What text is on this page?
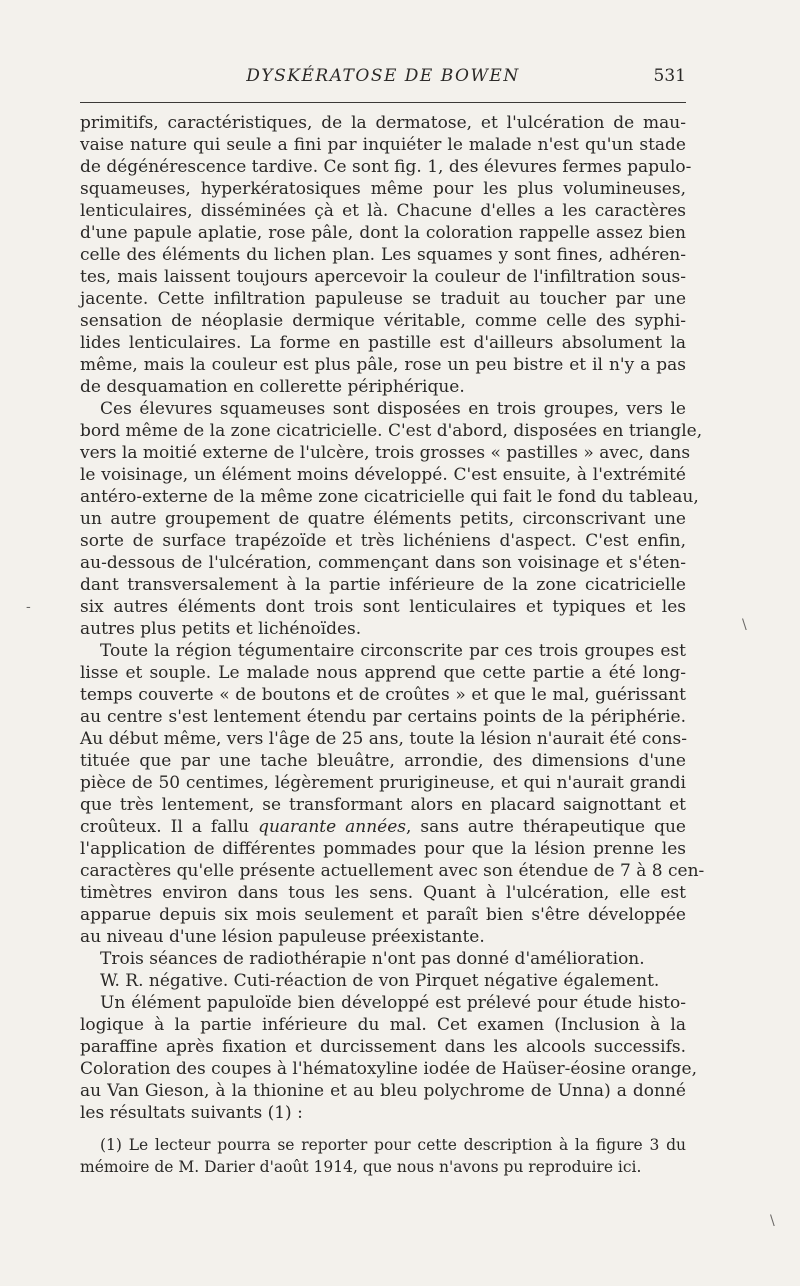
DYSKÉRATOSE DE BOWEN	531
primitifs, caractéristiques, de la dermatose, et l'ulcération de mau-
vaise nature qui seule a fini par inquiéter le malade n'est qu'un stade
de dégénérescence tardive. Ce sont fig. 1, des élevures fermes papulo-
squameuses, hyperkératosiques même pour les plus volumineuses,
lenticulaires, disséminées çà et là. Chacune d'elles a les caractères
d'une papule aplatie, rose pâle, dont la coloration rappelle assez bien
celle des éléments du lichen plan. Les squames y sont fines, adhéren-
tes, mais laissent toujours apercevoir la couleur de l'infiltration sous-
jacente. Cette infiltration papuleuse se traduit au toucher par une
sensation de néoplasie dermique véritable, comme celle des syphi-
lides lenticulaires. La forme en pastille est d'ailleurs absolument la
même, mais la couleur est plus pâle, rose un peu bistre et il n'y a pas
de desquamation en collerette périphérique.
Ces élevures squameuses sont disposées en trois groupes, vers le
bord même de la zone cicatricielle. C'est d'abord, disposées en triangle,
vers la moitié externe de l'ulcère, trois grosses « pastilles » avec, dans
le voisinage, un élément moins développé. C'est ensuite, à l'extrémité
antéro-externe de la même zone cicatricielle qui fait le fond du tableau,
un autre groupement de quatre éléments petits, circonscrivant une
sorte de surface trapézoïde et très lichéniens d'aspect. C'est enfin,
au-dessous de l'ulcération, commençant dans son voisinage et s'éten-
dant transversalement à la partie inférieure de la zone cicatricielle
six autres éléments dont trois sont lenticulaires et typiques et les
autres plus petits et lichénoïdes.
Toute la région tégumentaire circonscrite par ces trois groupes est
lisse et souple. Le malade nous apprend que cette partie a été long-
temps couverte « de boutons et de croûtes » et que le mal, guérissant
au centre s'est lentement étendu par certains points de la périphérie.
Au début même, vers l'âge de 25 ans, toute la lésion n'aurait été cons-
tituée que par une tache bleuâtre, arrondie, des dimensions d'une
pièce de 50 centimes, légèrement prurigineuse, et qui n'aurait grandi
que très lentement, se transformant alors en placard saignottant et
croûteux. Il a fallu quarante années, sans autre thérapeutique que
l'application de différentes pommades pour que la lésion prenne les
caractères qu'elle présente actuellement avec son étendue de 7 à 8 cen-
timètres environ dans tous les sens. Quant à l'ulcération, elle est
apparue depuis six mois seulement et paraît bien s'être développée
au niveau d'une lésion papuleuse préexistante.
Trois séances de radiothérapie n'ont pas donné d'amélioration.
W. R. négative. Cuti-réaction de von Pirquet négative également.
Un élément papuloïde bien développé est prélevé pour étude histo-
logique à la partie inférieure du mal. Cet examen (Inclusion à la
paraffine après fixation et durcissement dans les alcools successifs.
Coloration des coupes à l'hématoxyline iodée de Haüser-éosine orange,
au Van Gieson, à la thionine et au bleu polychrome de Unna) a donné
les résultats suivants (1) :
(1) Le lecteur pourra se reporter pour cette description à la figure 3 du
mémoire de M. Darier d'août 1914, que nous n'avons pu reproduire ici.
-
\
\
